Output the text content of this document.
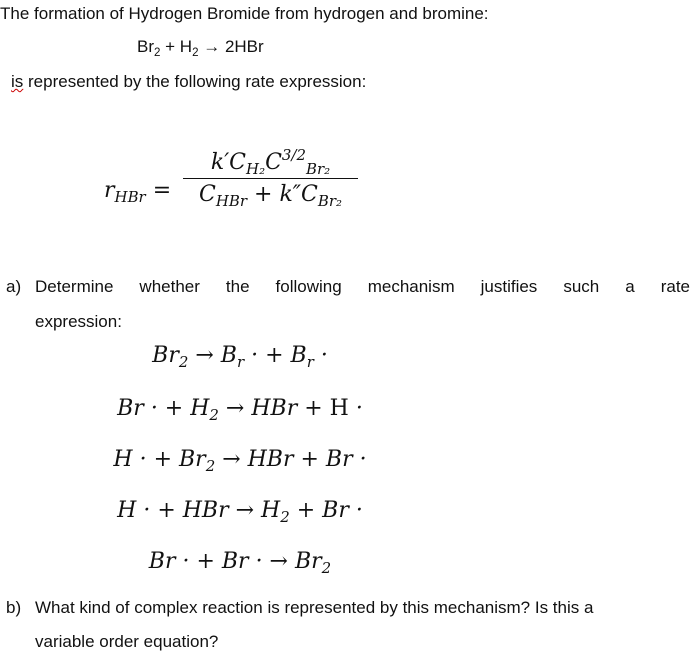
The formation of Hydrogen Bromide from hydrogen and bromine:
$Br_2 + H_2 \to 2HBr$
is represented by the following rate expression:
$r_{HBr}$ =
$k'C_{H_2}C^{3/2}_{Br_2}$
$C_{HBr} + k''C_{Br_2}$
a) Determine whether the following mechanism justifies such a rate
expression:
$Br_2 \to B_r$ · + $B_r$ ·
Br · + $H_2$ → HBr + H ·
H · + $Br_2$ → HBr + Br ·
H · + HBr → $H_2 + Br$ ·
Br · + Br · → $Br_2$
b) What kind of complex reaction is represented by this mechanism? Is this a
variable order equation?
